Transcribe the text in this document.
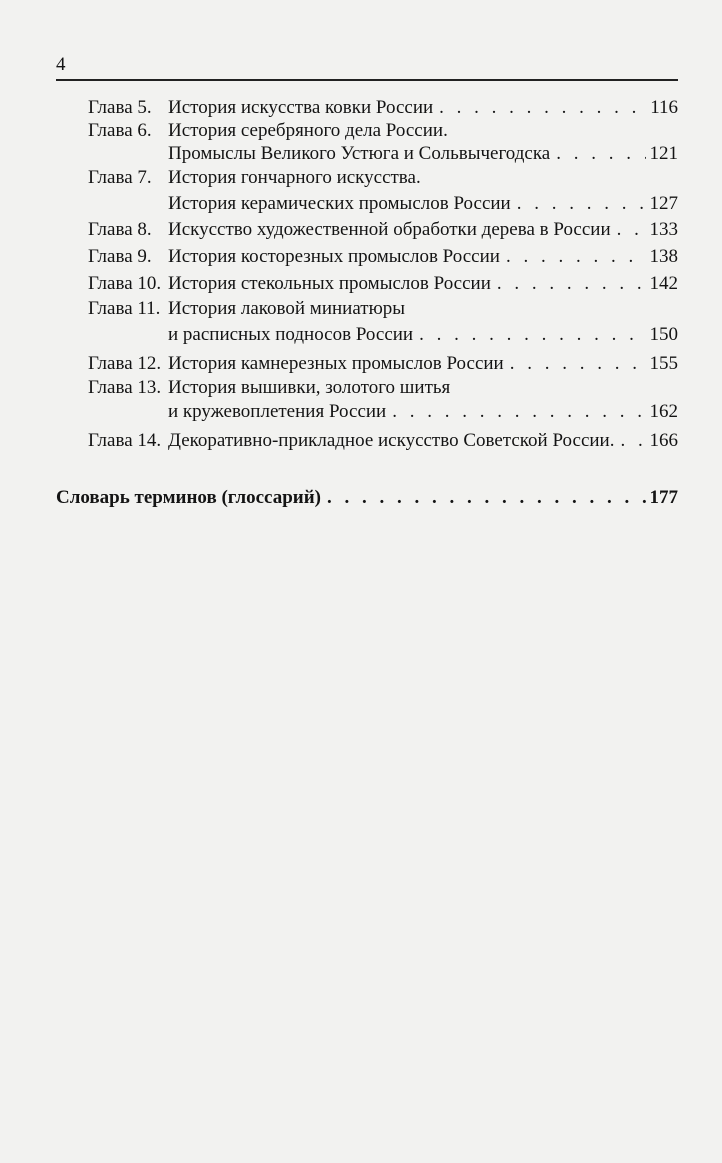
4
Глава 5. История искусства ковки России . . .	116
Глава 6. История серебряного дела России.
Промыслы Великого Устюга и Сольвычегодска . . .	121
Глава 7. История гончарного искусства.
История керамических промыслов России . . .	127
Глава 8. Искусство художественной обработки дерева в России . . . 133
Глава 9. История косторезных промыслов России . . .	138
Глава 10. История стекольных промыслов России . . .	142
Глава 11. История лаковой миниатюры
и расписных подносов России . . .	150
Глава 12. История камнерезных промыслов России . . .	155
Глава 13. История вышивки, золотого шитья
и кружевоплетения России . . .	162
Глава 14. Декоративно-прикладное искусство Советской России. . . . 166
Словарь терминов (глоссарий) . . .	177
